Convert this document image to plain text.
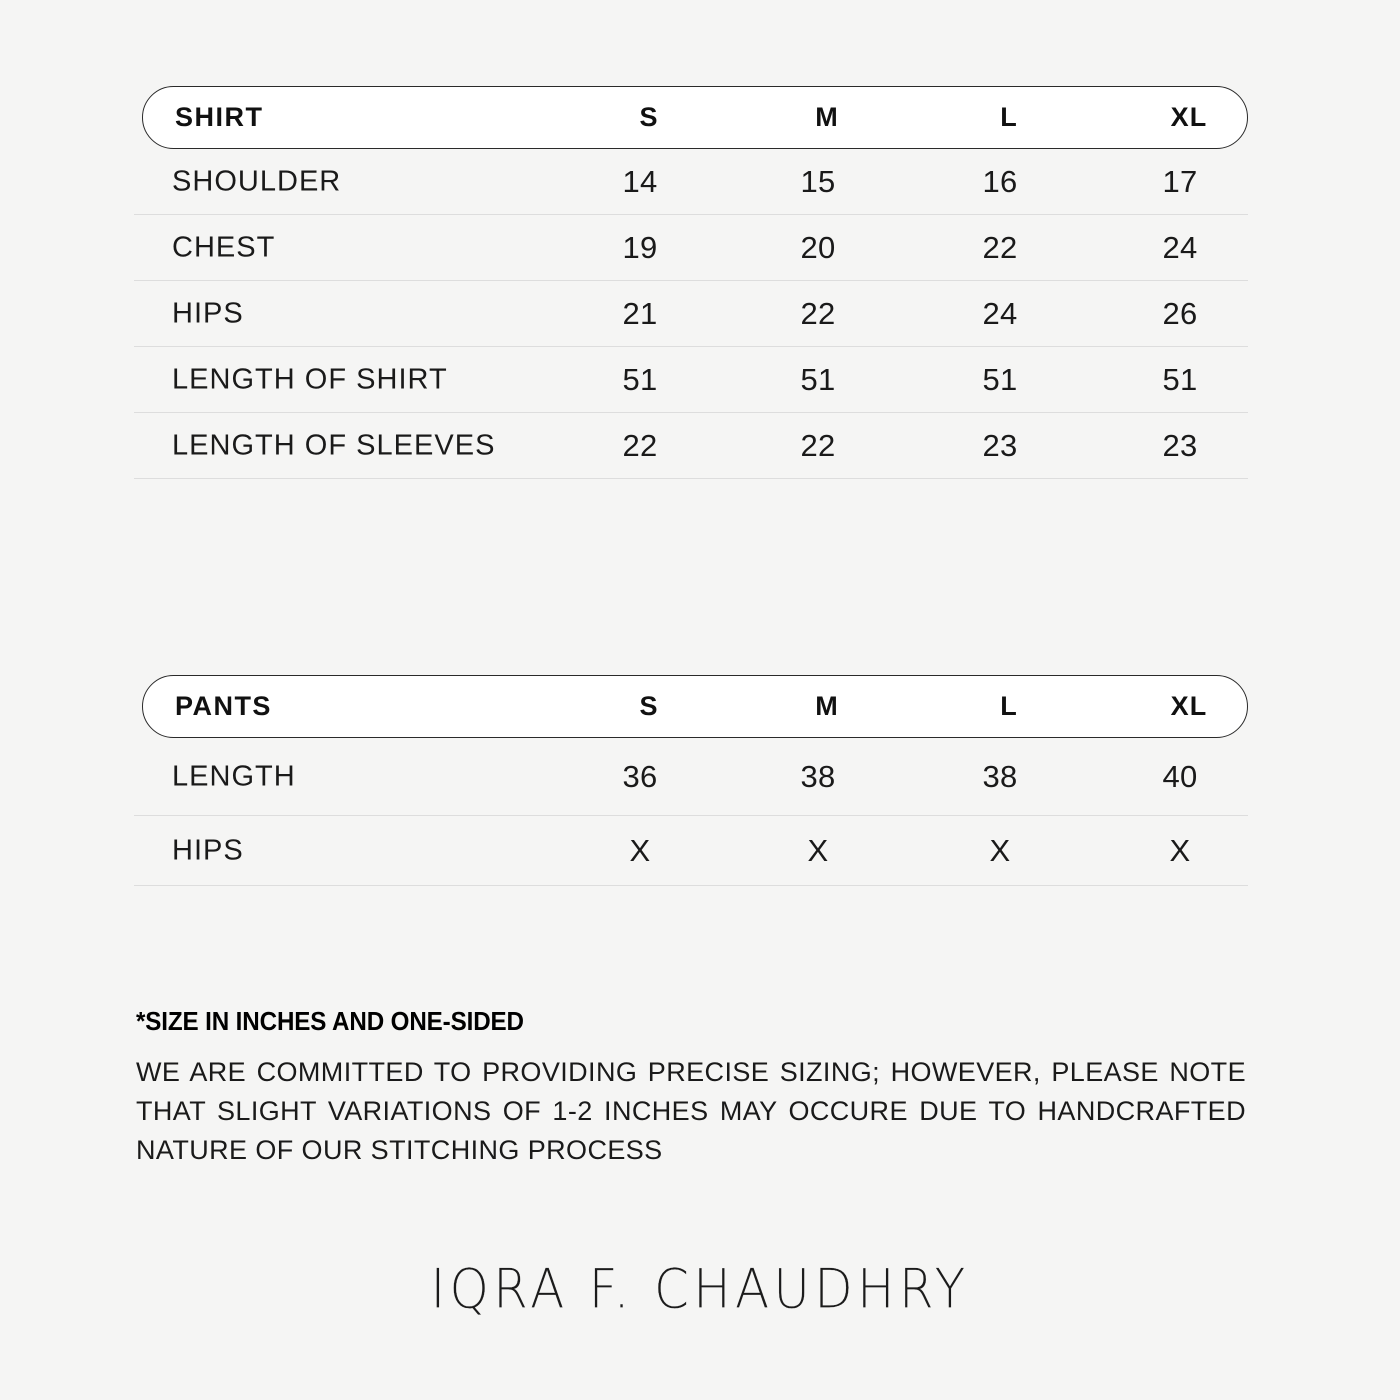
SHIRT	S	M	L	XL
SHOULDER	14	15	16	17
CHEST	19	20	22	24
HIPS	21	22	24	26
LENGTH OF SHIRT	51	51	51	51
LENGTH OF SLEEVES	22	22	23	23
PANTS	S	M	L	XL
LENGTH	36	38	38	40
HIPS	X	X	X	X
*SIZE IN INCHES AND ONE-SIDED
WE ARE COMMITTED TO PROVIDING PRECISE SIZING; HOWEVER, PLEASE NOTE THAT SLIGHT VARIATIONS OF 1-2 INCHES MAY OCCURE DUE TO HANDCRAFTED NATURE OF OUR STITCHING PROCESS
IQRA F. CHAUDHRY
